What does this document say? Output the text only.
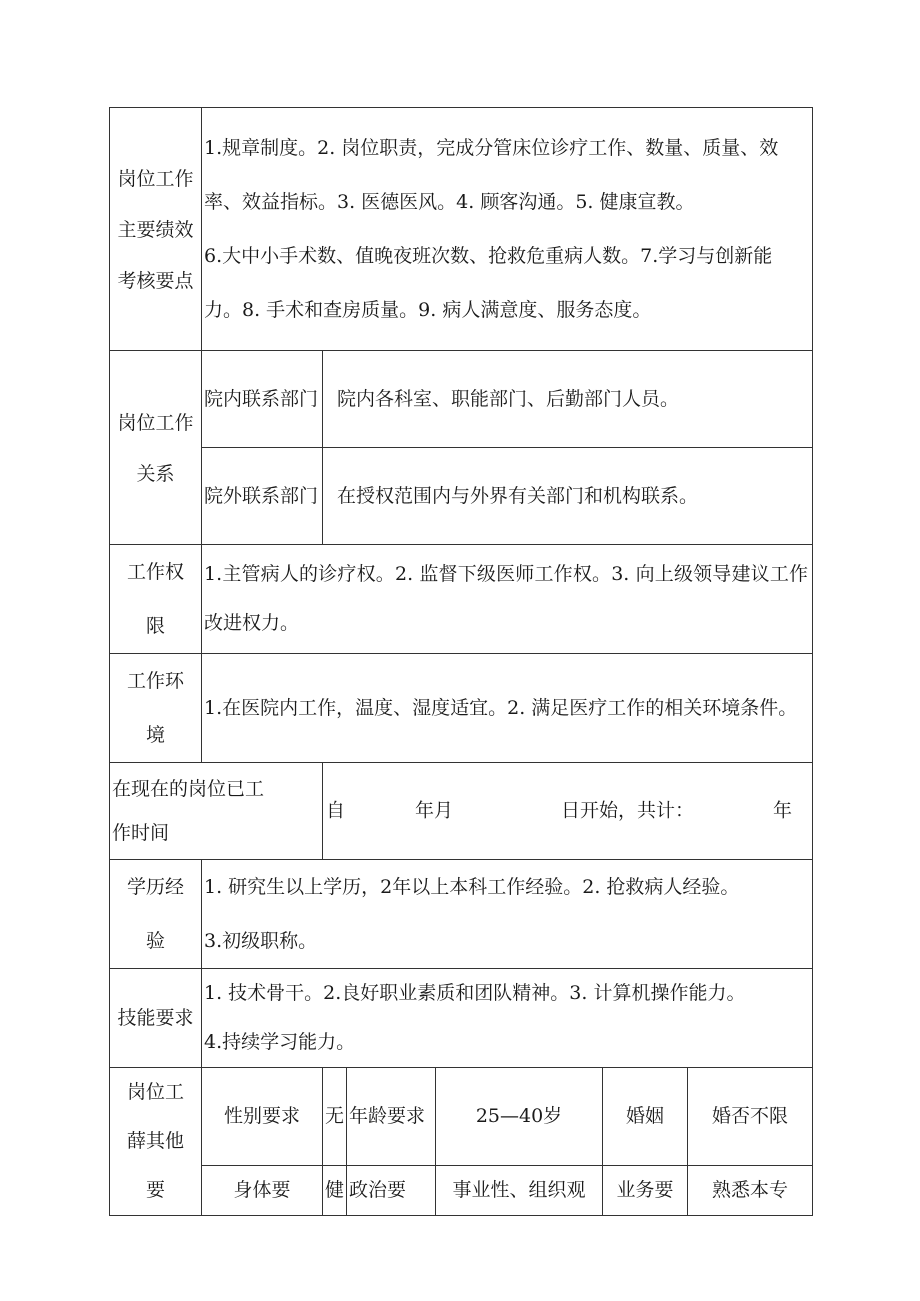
岗位工作主要绩效考核要点	1.规章制度。2. 岗位职责，完成分管床位诊疗工作、数量、质量、效
率、效益指标。3. 医德医风。4. 顾客沟通。5. 健康宣教。
6.大中小手术数、值晚夜班次数、抢救危重病人数。7.学习与创新能
力。8. 手术和查房质量。9. 病人满意度、服务态度。					

岗位工作关系	院内联系部门	院内各科室、职能部门、后勤部门人员。				
	院外联系部门	在授权范围内与外界有关部门和机构联系。				
工作权限	1.主管病人的诊疗权。2. 监督下级医师工作权。3. 向上级领导建议工作改进权力。					
工作环境	1.在医院内工作，温度、湿度适宜。2. 满足医疗工作的相关环境条件。					
在现在的岗位已工作时间		自 年月 日开始，共计： 年				

学历经验	1. 研究生以上学历，2年以上本科工作经验。2. 抢救病人经验。
3.初级职称。					

技能要求	1. 技术骨干。2.良好职业素质和团队精神。3. 计算机操作能力。
4.持续学习能力。					

岗位工薛其他要	性别要求	无	年龄要求	25—40岁	婚姻	婚否不限
	身体要	健	政治要	事业性、组织观	业务要	熟悉本专
